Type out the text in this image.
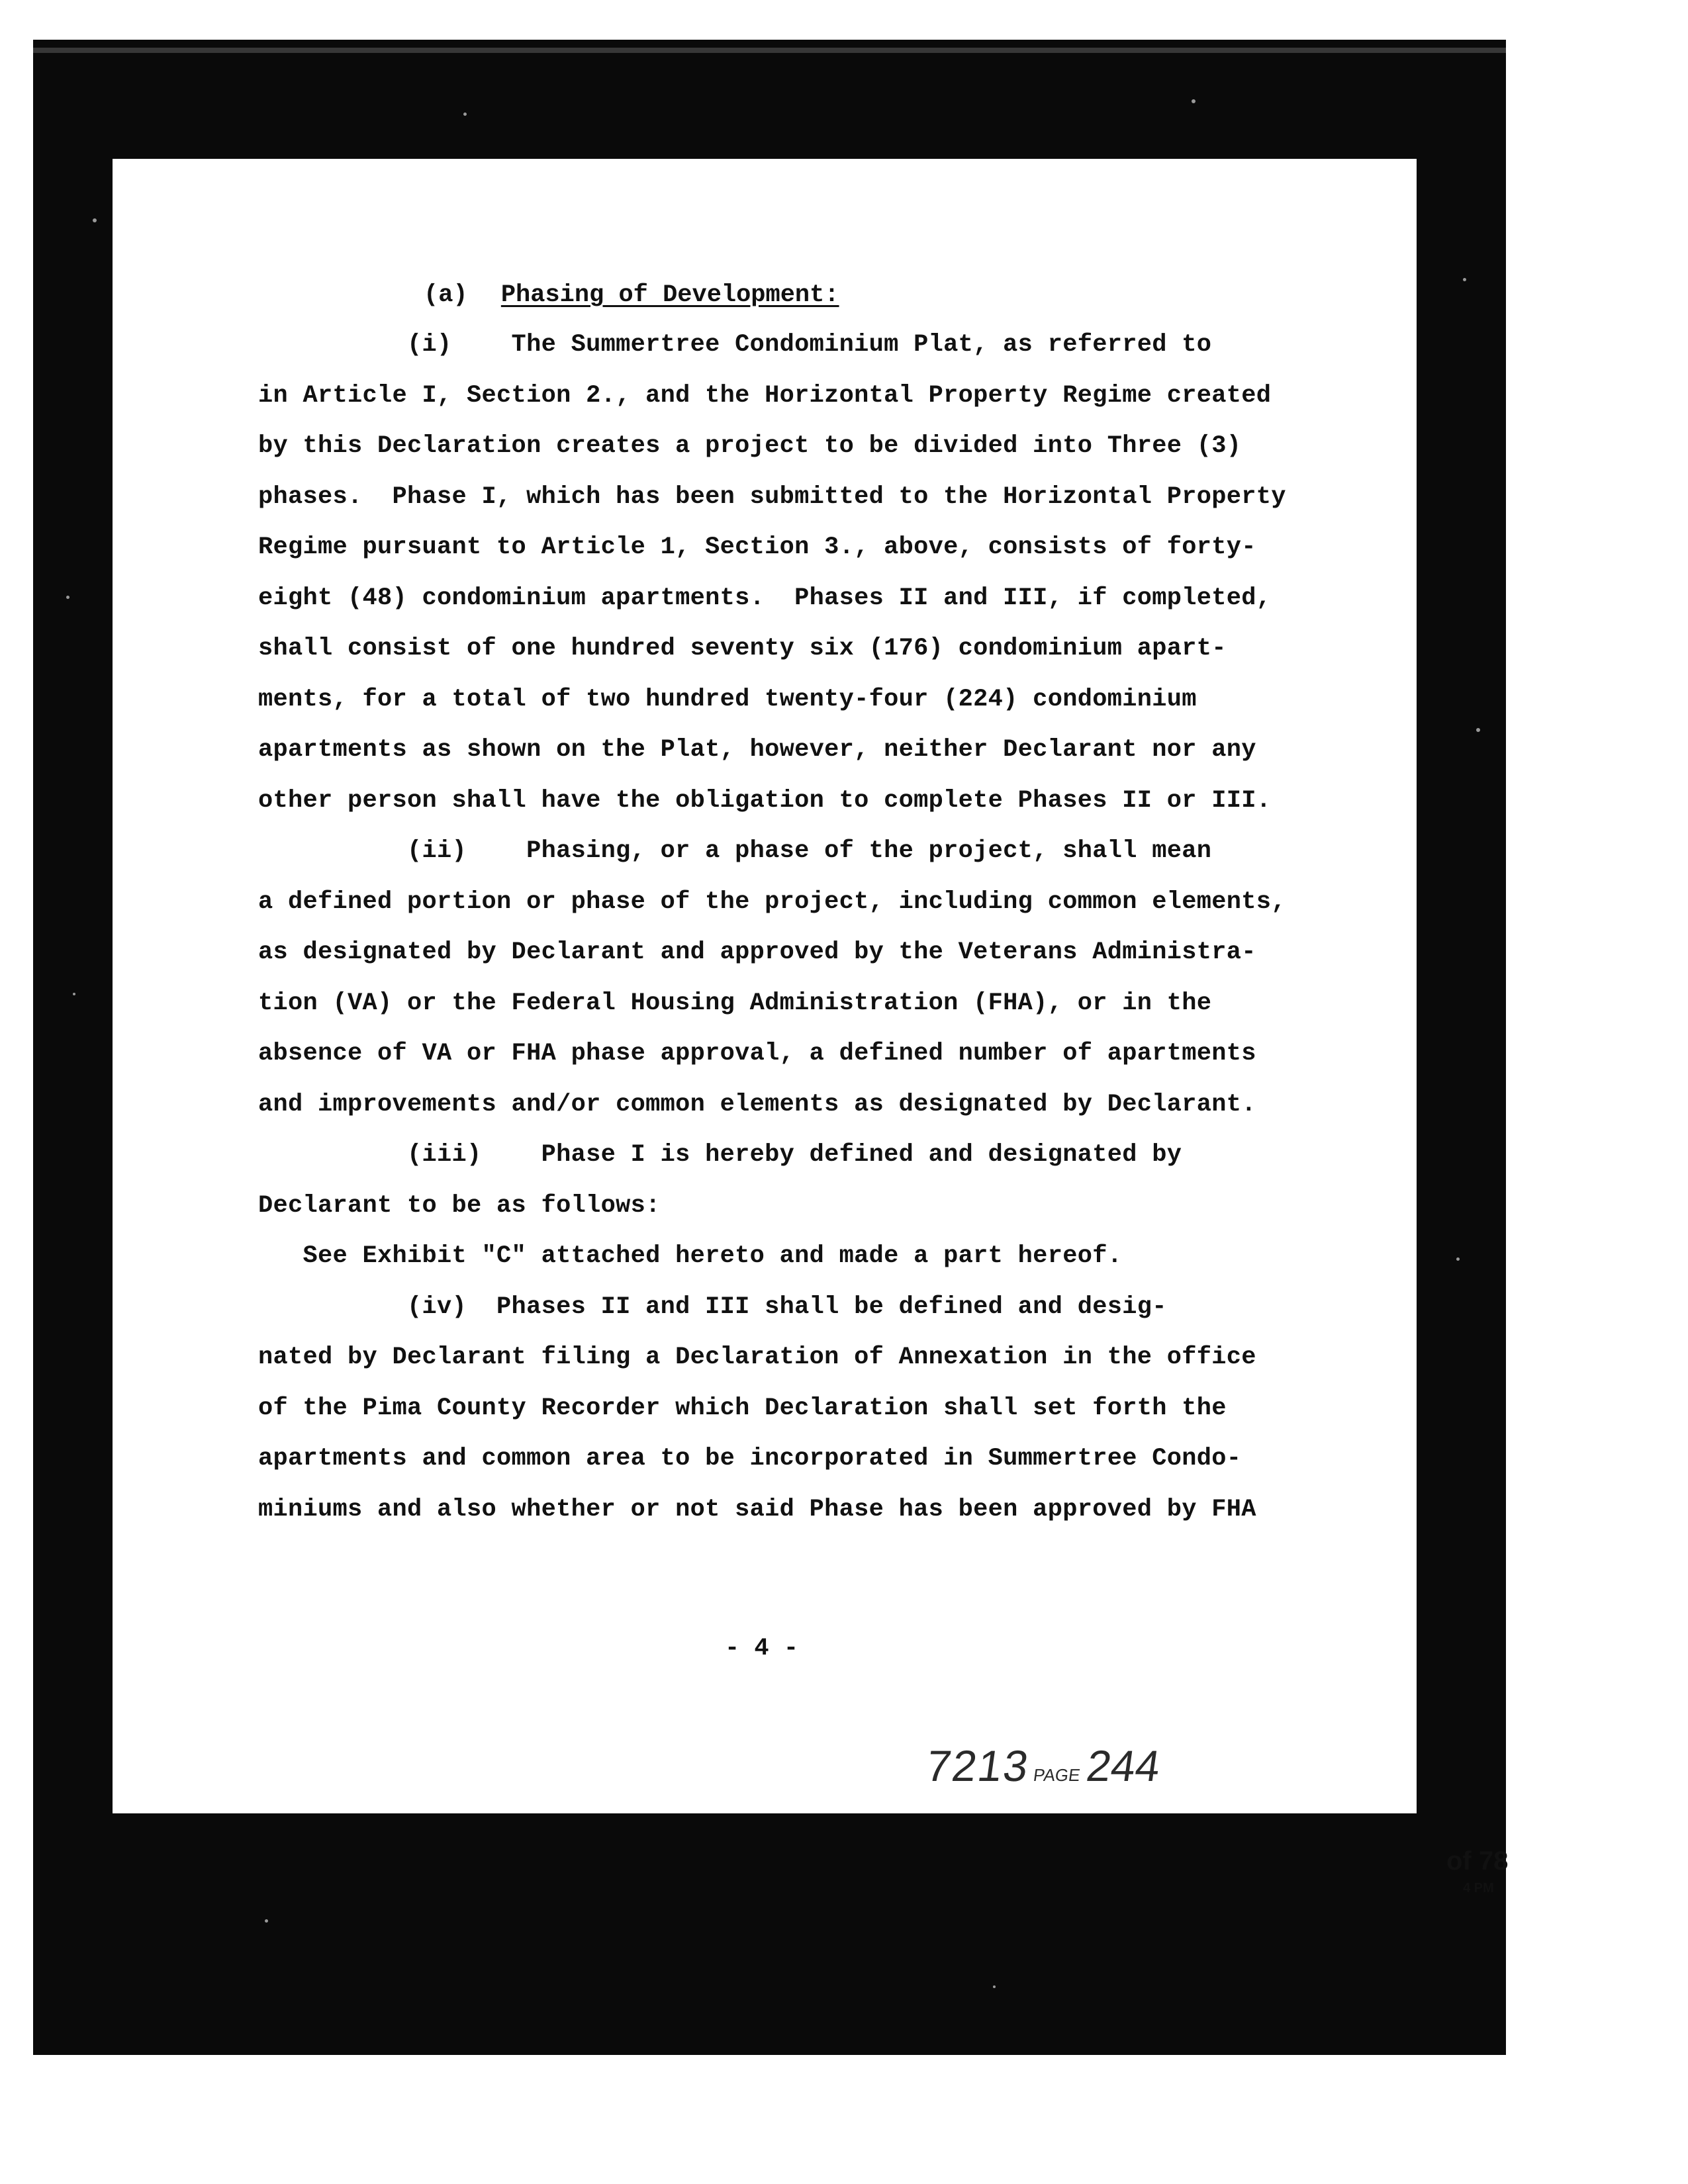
(a) Phasing of Development:
(i)    The Summertree Condominium Plat, as referred to
in Article I, Section 2., and the Horizontal Property Regime created
by this Declaration creates a project to be divided into Three (3)
phases.  Phase I, which has been submitted to the Horizontal Property
Regime pursuant to Article 1, Section 3., above, consists of forty-
eight (48) condominium apartments.  Phases II and III, if completed,
shall consist of one hundred seventy six (176) condominium apart-
ments, for a total of two hundred twenty-four (224) condominium
apartments as shown on the Plat, however, neither Declarant nor any
other person shall have the obligation to complete Phases II or III.
(ii)    Phasing, or a phase of the project, shall mean
a defined portion or phase of the project, including common elements,
as designated by Declarant and approved by the Veterans Administra-
tion (VA) or the Federal Housing Administration (FHA), or in the
absence of VA or FHA phase approval, a defined number of apartments
and improvements and/or common elements as designated by Declarant.
(iii)    Phase I is hereby defined and designated by
Declarant to be as follows:
See Exhibit "C" attached hereto and made a part hereof.
(iv)  Phases II and III shall be defined and desig-
nated by Declarant filing a Declaration of Annexation in the office
of the Pima County Recorder which Declaration shall set forth the
apartments and common area to be incorporated in Summertree Condo-
miniums and also whether or not said Phase has been approved by FHA
- 4 -
7213 PAGE 244
of 78
4 PM
